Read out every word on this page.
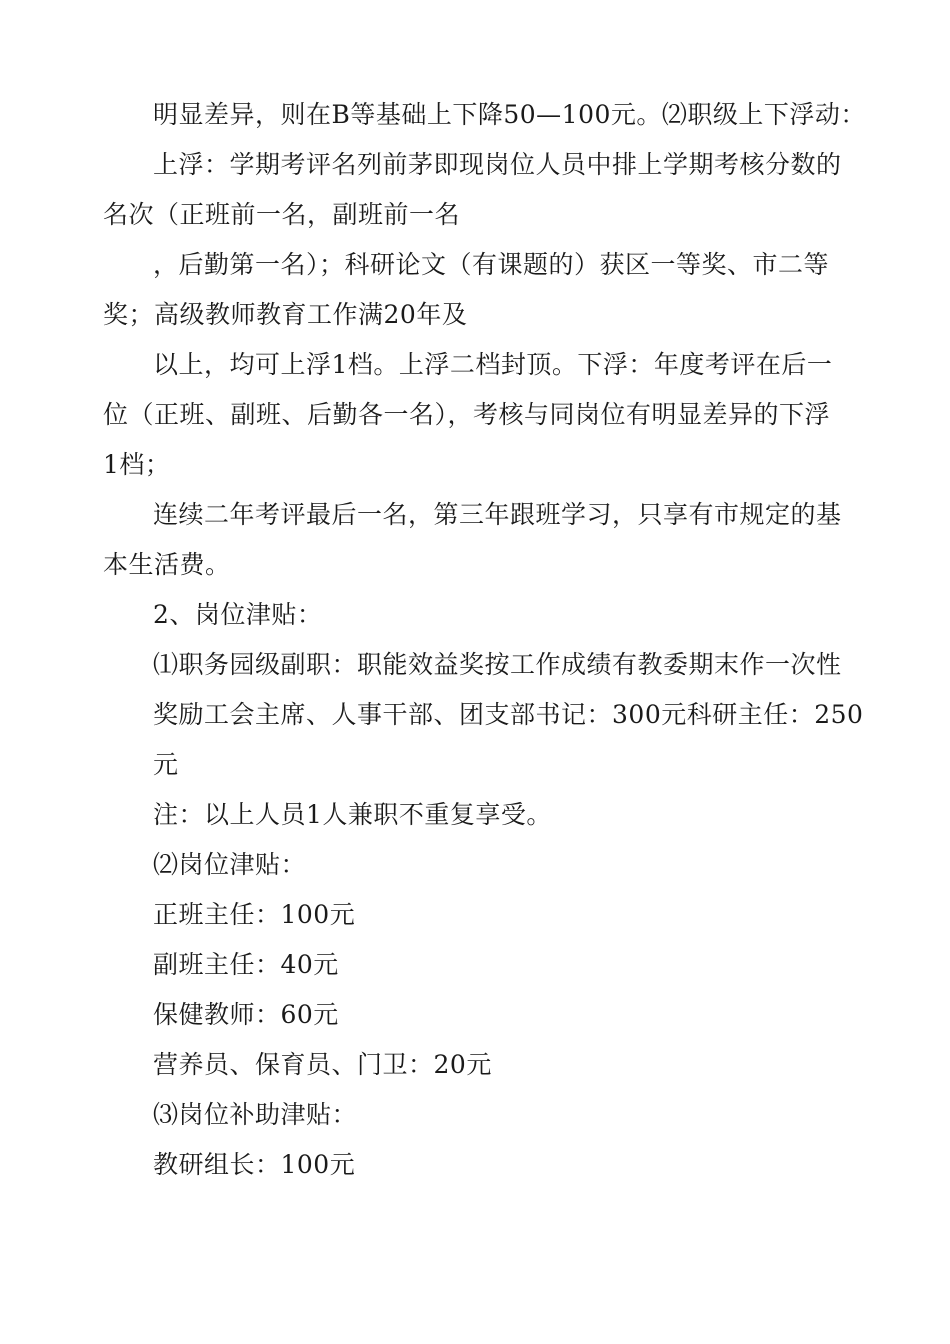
明显差异，则在B等基础上下降50—100元。⑵职级上下浮动：
上浮：学期考评名列前茅即现岗位人员中排上学期考核分数的
名次（正班前一名，副班前一名
，后勤第一名）；科研论文（有课题的）获区一等奖、市二等
奖；高级教师教育工作满20年及
以上，均可上浮1档。上浮二档封顶。下浮：年度考评在后一
位（正班、副班、后勤各一名），考核与同岗位有明显差异的下浮
1档；
连续二年考评最后一名，第三年跟班学习，只享有市规定的基
本生活费。
2、岗位津贴：
⑴职务园级副职：职能效益奖按工作成绩有教委期末作一次性
奖励工会主席、人事干部、团支部书记：300元科研主任：250
元
注：以上人员1人兼职不重复享受。
⑵岗位津贴：
正班主任：100元
副班主任：40元
保健教师：60元
营养员、保育员、门卫：20元
⑶岗位补助津贴：
教研组长：100元
